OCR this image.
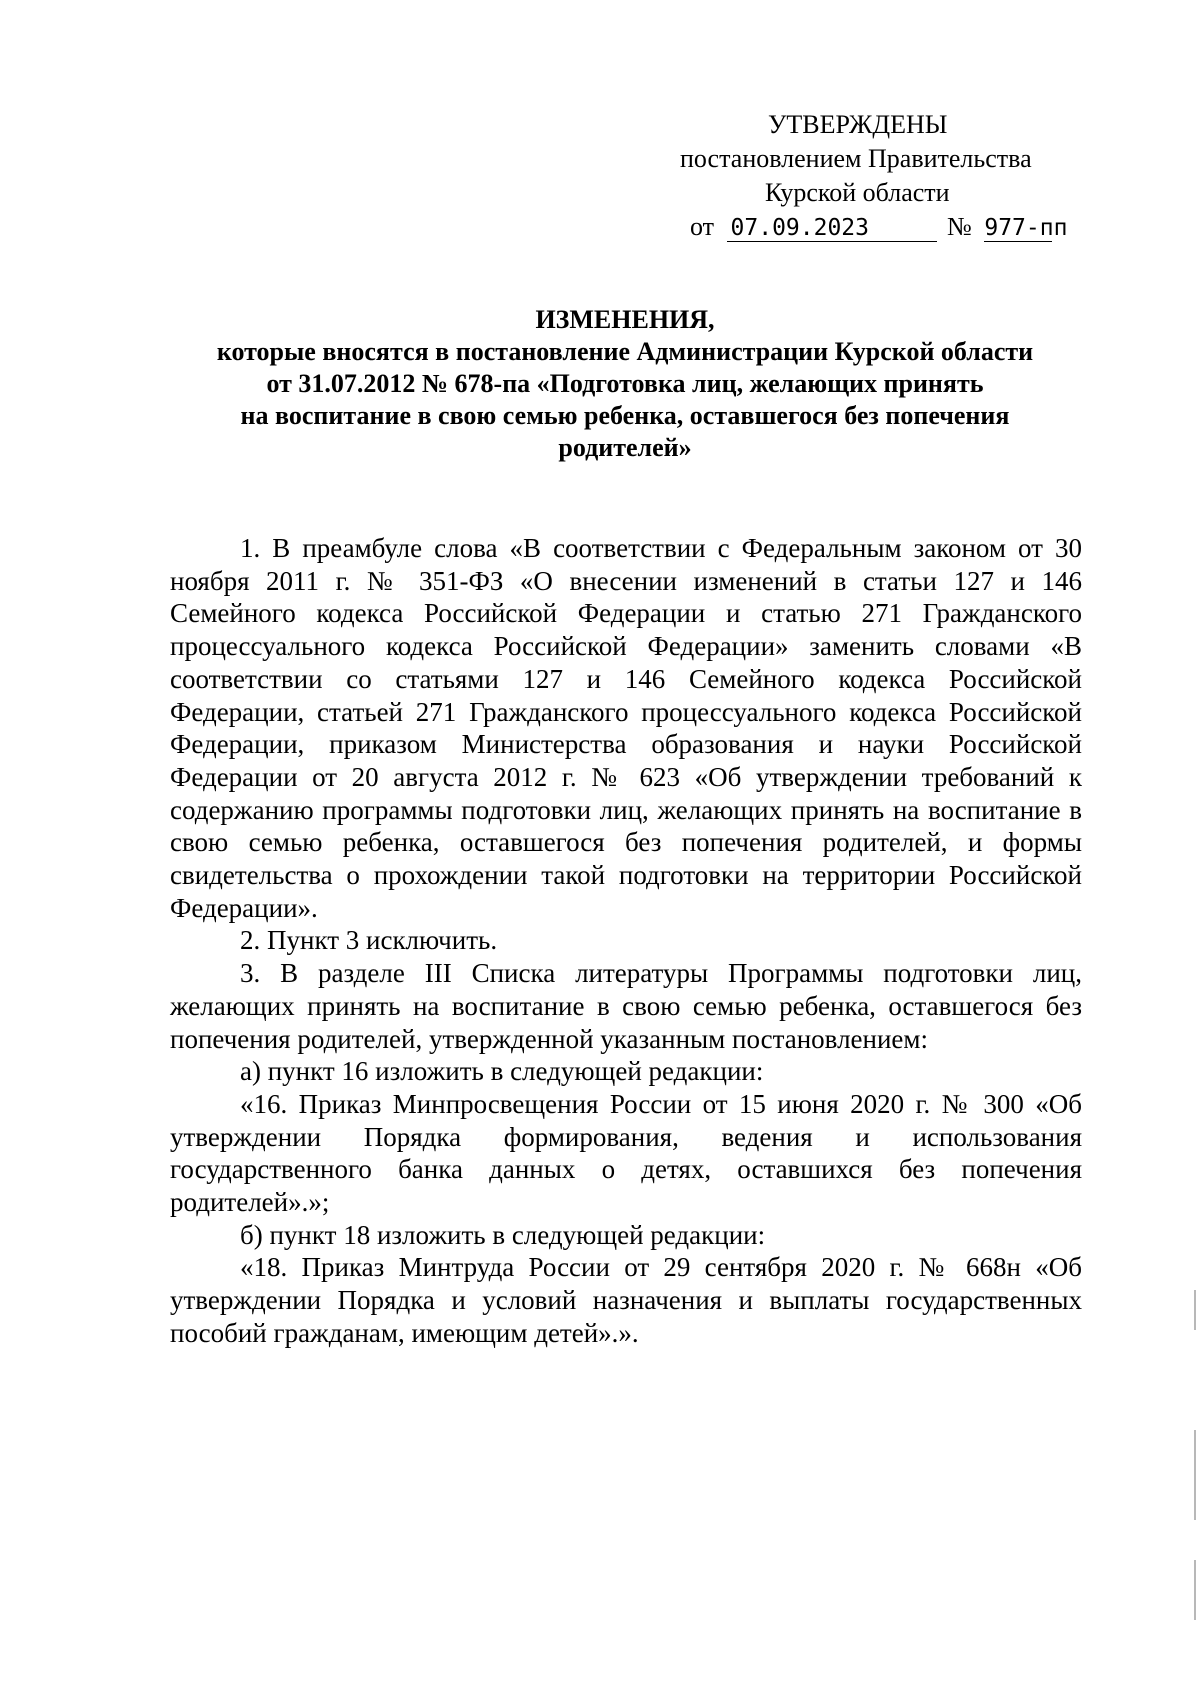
УТВЕРЖДЕНЫ
постановлением Правительства
Курской области
от 07.09.2023	№ 977-пп
ИЗМЕНЕНИЯ,
которые вносятся в постановление Администрации Курской области
от 31.07.2012 № 678-па «Подготовка лиц, желающих принять
на воспитание в свою семью ребенка, оставшегося без попечения
родителей»

1. В преамбуле слова «В соответствии с Федеральным законом от 30 ноября 2011 г. № 351-ФЗ «О внесении изменений в статьи 127 и 146 Семейного кодекса Российской Федерации и статью 271 Гражданского процессуального кодекса Российской Федерации» заменить словами «В соответствии со статьями 127 и 146 Семейного кодекса Российской Федерации, статьей 271 Гражданского процессуального кодекса Российской Федерации, приказом Министерства образования и науки Российской Федерации от 20 августа 2012 г. № 623 «Об утверждении требований к содержанию программы подготовки лиц, желающих принять на воспитание в свою семью ребенка, оставшегося без попечения родителей, и формы свидетельства о прохождении такой подготовки на территории Российской Федерации».

2. Пункт 3 исключить.

3. В разделе III Списка литературы Программы подготовки лиц, желающих принять на воспитание в свою семью ребенка, оставшегося без попечения родителей, утвержденной указанным постановлением:

а) пункт 16 изложить в следующей редакции:

«16. Приказ Минпросвещения России от 15 июня 2020 г. № 300 «Об утверждении Порядка формирования, ведения и использования государственного банка данных о детях, оставшихся без попечения родителей».»;

б) пункт 18 изложить в следующей редакции:

«18. Приказ Минтруда России от 29 сентября 2020 г. № 668н «Об утверждении Порядка и условий назначения и выплаты государственных пособий гражданам, имеющим детей».».
